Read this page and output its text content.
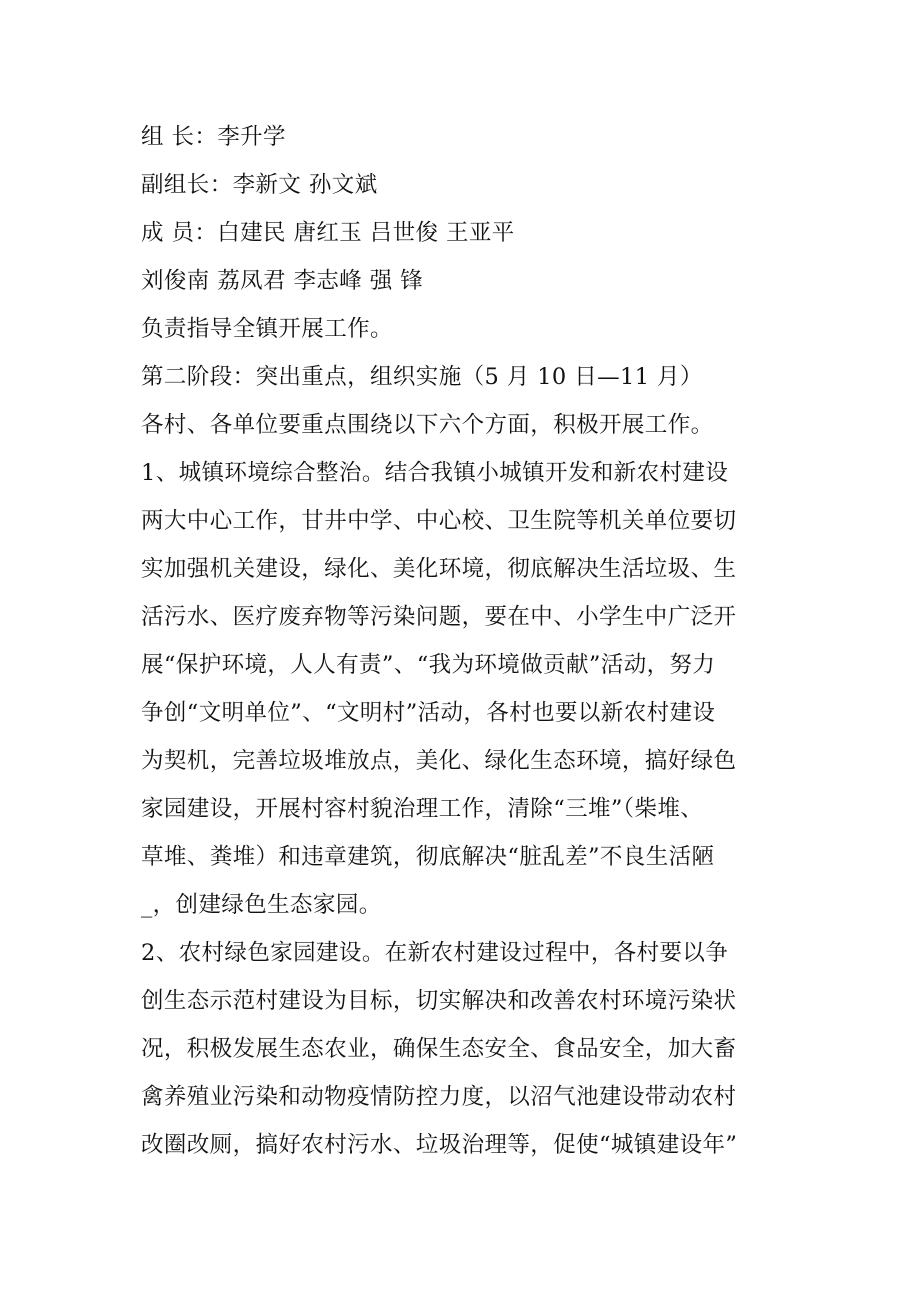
组 长：李升学
副组长：李新文 孙文斌
成 员：白建民 唐红玉 吕世俊 王亚平
刘俊南 荔凤君 李志峰 强 锋
负责指导全镇开展工作。
第二阶段：突出重点，组织实施（5 月 10 日—11 月）
各村、各单位要重点围绕以下六个方面，积极开展工作。
1、城镇环境综合整治。结合我镇小城镇开发和新农村建设
两大中心工作，甘井中学、中心校、卫生院等机关单位要切
实加强机关建设，绿化、美化环境，彻底解决生活垃圾、生
活污水、医疗废弃物等污染问题，要在中、小学生中广泛开
展“保护环境，人人有责”、“我为环境做贡献”活动，努力
争创“文明单位”、“文明村”活动，各村也要以新农村建设
为契机，完善垃圾堆放点，美化、绿化生态环境，搞好绿色
家园建设，开展村容村貌治理工作，清除“三堆”（柴堆、
草堆、粪堆）和违章建筑，彻底解决“脏乱差”不良生活陋
_，创建绿色生态家园。
2、农村绿色家园建设。在新农村建设过程中，各村要以争
创生态示范村建设为目标，切实解决和改善农村环境污染状
况，积极发展生态农业，确保生态安全、食品安全，加大畜
禽养殖业污染和动物疫情防控力度，以沼气池建设带动农村
改圈改厕，搞好农村污水、垃圾治理等，促使“城镇建设年”
